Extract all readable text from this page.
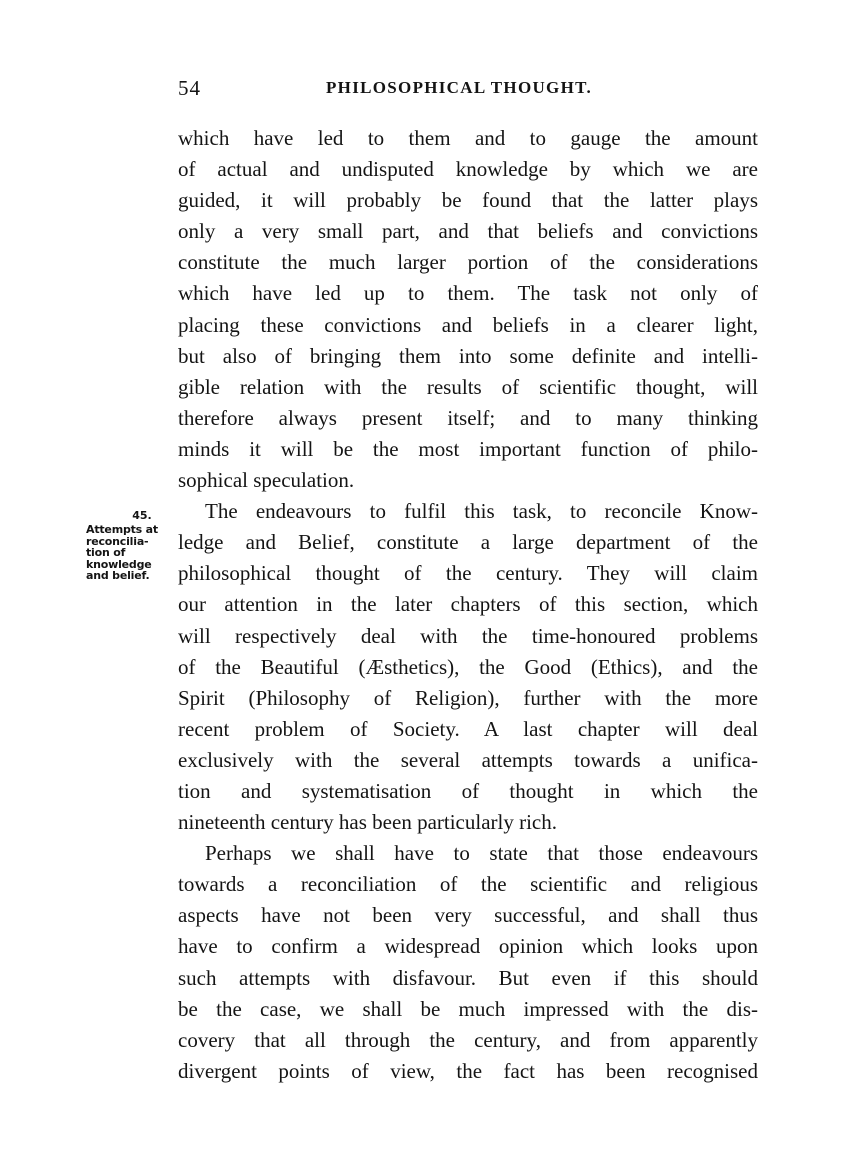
54	PHILOSOPHICAL THOUGHT.
45.
Attempts at
reconcilia-
tion of
knowledge
and belief.
which have led to them and to gauge the amount
of actual and undisputed knowledge by which we are
guided, it will probably be found that the latter plays
only a very small part, and that beliefs and convictions
constitute the much larger portion of the considerations
which have led up to them. The task not only of
placing these convictions and beliefs in a clearer light,
but also of bringing them into some definite and intelli-
gible relation with the results of scientific thought, will
therefore always present itself; and to many thinking
minds it will be the most important function of philo-
sophical speculation.
The endeavours to fulfil this task, to reconcile Know-
ledge and Belief, constitute a large department of the
philosophical thought of the century. They will claim
our attention in the later chapters of this section, which
will respectively deal with the time-honoured problems
of the Beautiful (Æsthetics), the Good (Ethics), and the
Spirit (Philosophy of Religion), further with the more
recent problem of Society. A last chapter will deal
exclusively with the several attempts towards a unifica-
tion and systematisation of thought in which the
nineteenth century has been particularly rich.
Perhaps we shall have to state that those endeavours
towards a reconciliation of the scientific and religious
aspects have not been very successful, and shall thus
have to confirm a widespread opinion which looks upon
such attempts with disfavour. But even if this should
be the case, we shall be much impressed with the dis-
covery that all through the century, and from apparently
divergent points of view, the fact has been recognised
